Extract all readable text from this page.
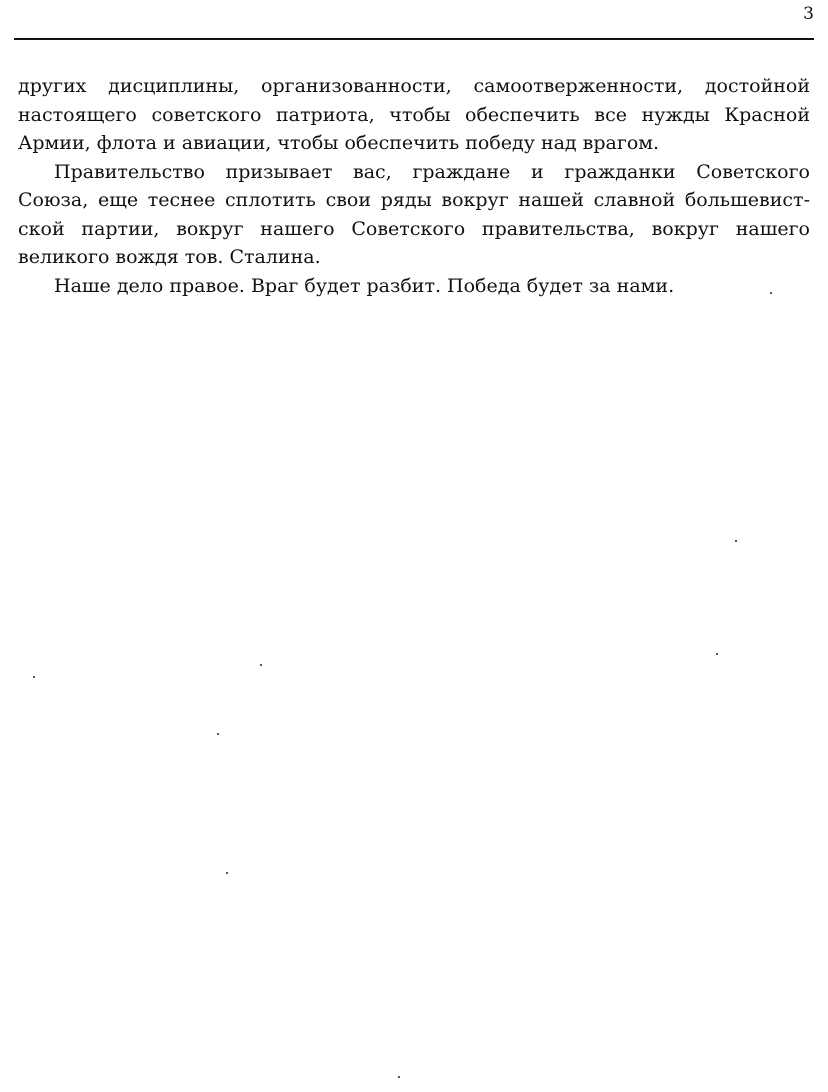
3

других дисциплины, организованности, самоотверженности, достойной
настоящего советского патриота, чтобы обеспечить все нужды Красной
Армии, флота и авиации, чтобы обеспечить победу над врагом.

Правительство призывает вас, граждане и гражданки Советского
Союза, еще теснее сплотить свои ряды вокруг нашей славной большевист-
ской партии, вокруг нашего Советского правительства, вокруг нашего
великого вождя тов. Сталина.

Наше дело правое. Враг будет разбит. Победа будет за нами.
